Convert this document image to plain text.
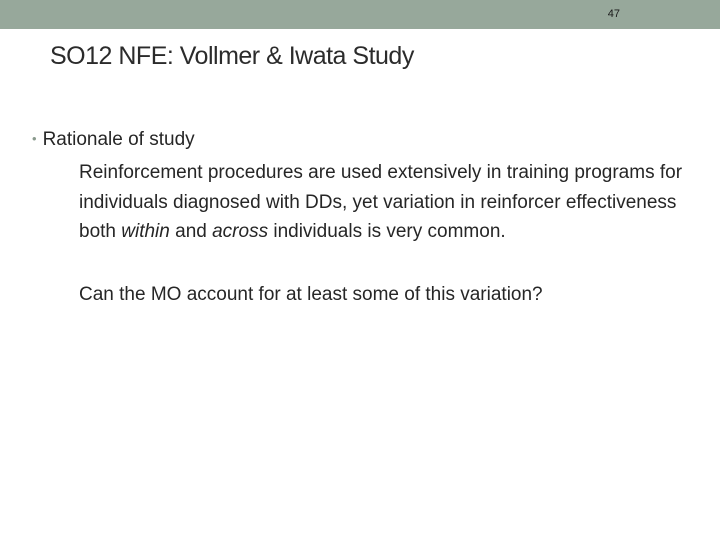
47
SO12 NFE: Vollmer & Iwata Study
• Rationale of study

Reinforcement procedures are used extensively in training programs for individuals diagnosed with DDs, yet variation in reinforcer effectiveness both within and across individuals is very common.

Can the MO account for at least some of this variation?
